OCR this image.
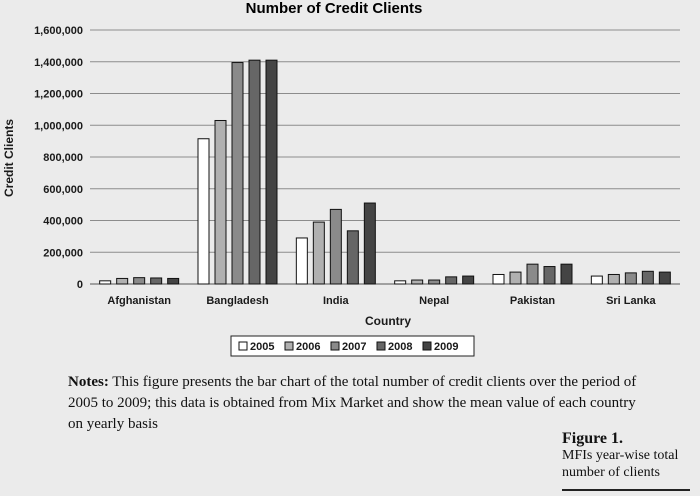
Number of Credit Clients
Credit Clients
0
200,000
400,000
600,000
800,000
1,000,000
1,200,000
1,400,000
1,600,000
Afghanistan	Bangladesh	India	Nepal	Pakistan	Sri Lanka
Country
2005 2006 2007 2008 2009
Notes: This figure presents the bar chart of the total number of credit clients over the period of 2005 to 2009; this data is obtained from Mix Market and show the mean value of each country on yearly basis
Figure 1.
MFIs year-wise total number of clients
